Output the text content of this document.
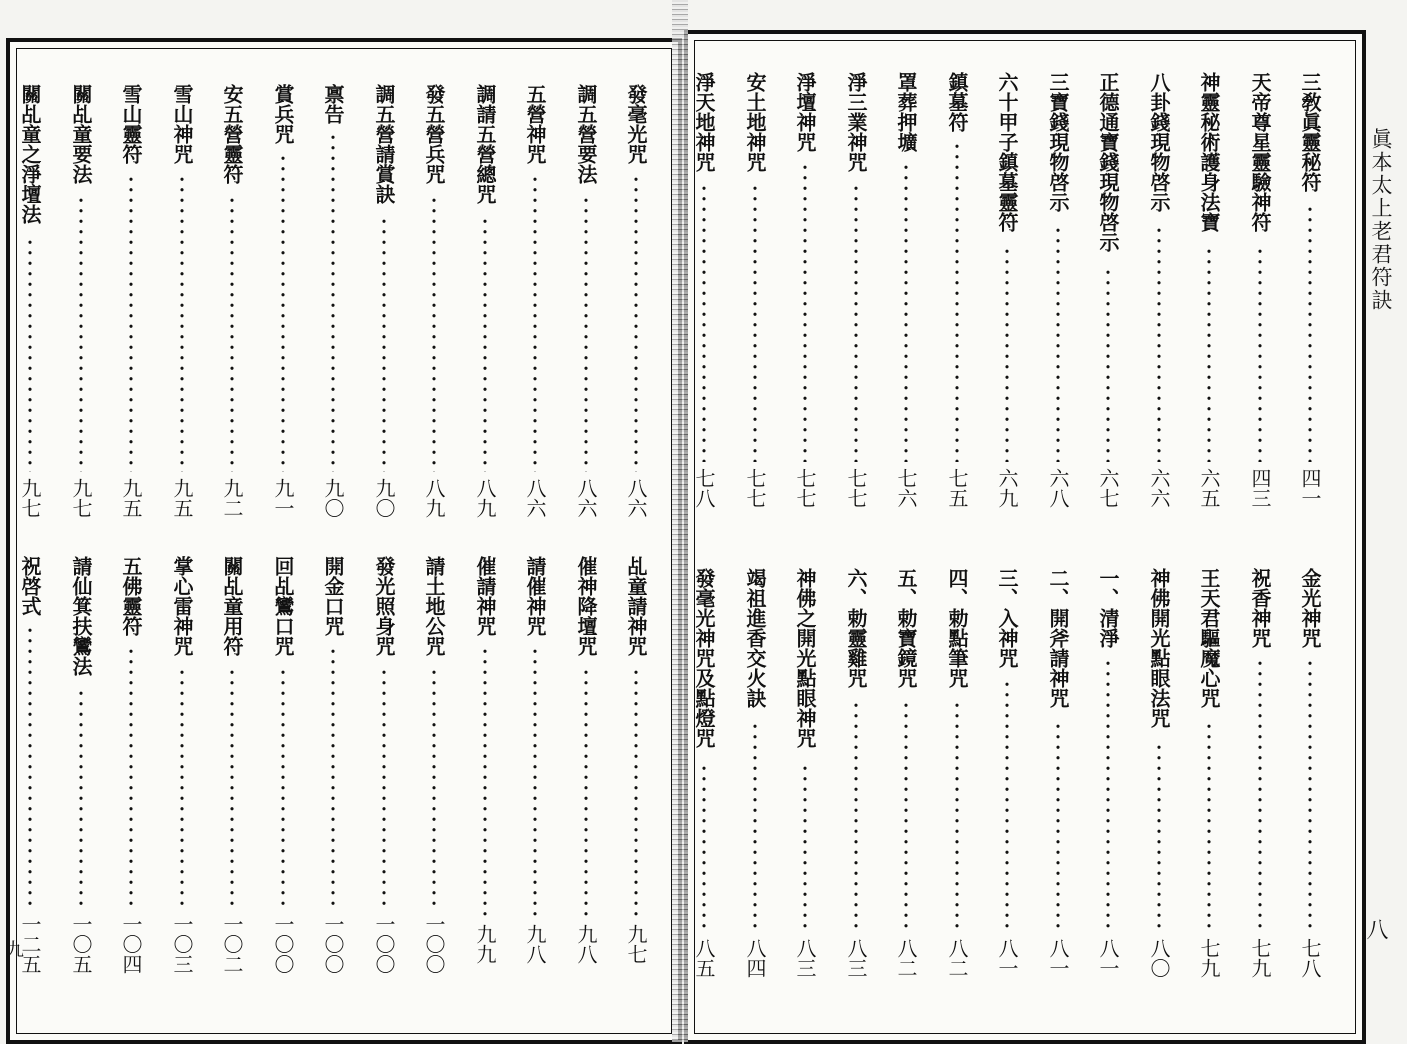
眞本太上老君符訣
八
九
三敎眞靈秘符
四一
天帝尊星靈驗神符
四三
神靈秘術護身法寶
六五
八卦錢現物啓示
六六
正德通寶錢現物啓示
六七
三寶錢現物啓示
六八
六十甲子鎮墓靈符
六九
鎮墓符
七五
罩葬押壙
七六
淨三業神咒
七七
淨壇神咒
七七
安土地神咒
七七
淨天地神咒
七八
金光神咒
七八
祝香神咒
七九
王天君驅魔心咒
七九
神佛開光點眼法咒
八〇
一、清淨
八一
二、開斧請神咒
八一
三、入神咒
八一
四、勅點筆咒
八二
五、勅寶鏡咒
八二
六、勅靈雞咒
八三
神佛之開光點眼神咒
八三
竭祖進香交火訣
八四
發毫光神咒及點燈咒
八五
發毫光咒
八六
調五營要法
八六
五營神咒
八六
調請五營總咒
八九
發五營兵咒
八九
調五營請賞訣
九〇
禀告
九〇
賞兵咒
九一
安五營靈符
九二
雪山神咒
九五
雪山靈符
九五
關乩童要法
九七
關乩童之淨壇法
九七
乩童請神咒
九七
催神降壇咒
九八
請催神咒
九八
催請神咒
九九
請土地公咒
一〇〇
發光照身咒
一〇〇
開金口咒
一〇〇
回乩鸞口咒
一〇〇
關乩童用符
一〇二
掌心雷神咒
一〇三
五佛靈符
一〇四
請仙箕扶鸞法
一〇五
祝啓式
一二五
